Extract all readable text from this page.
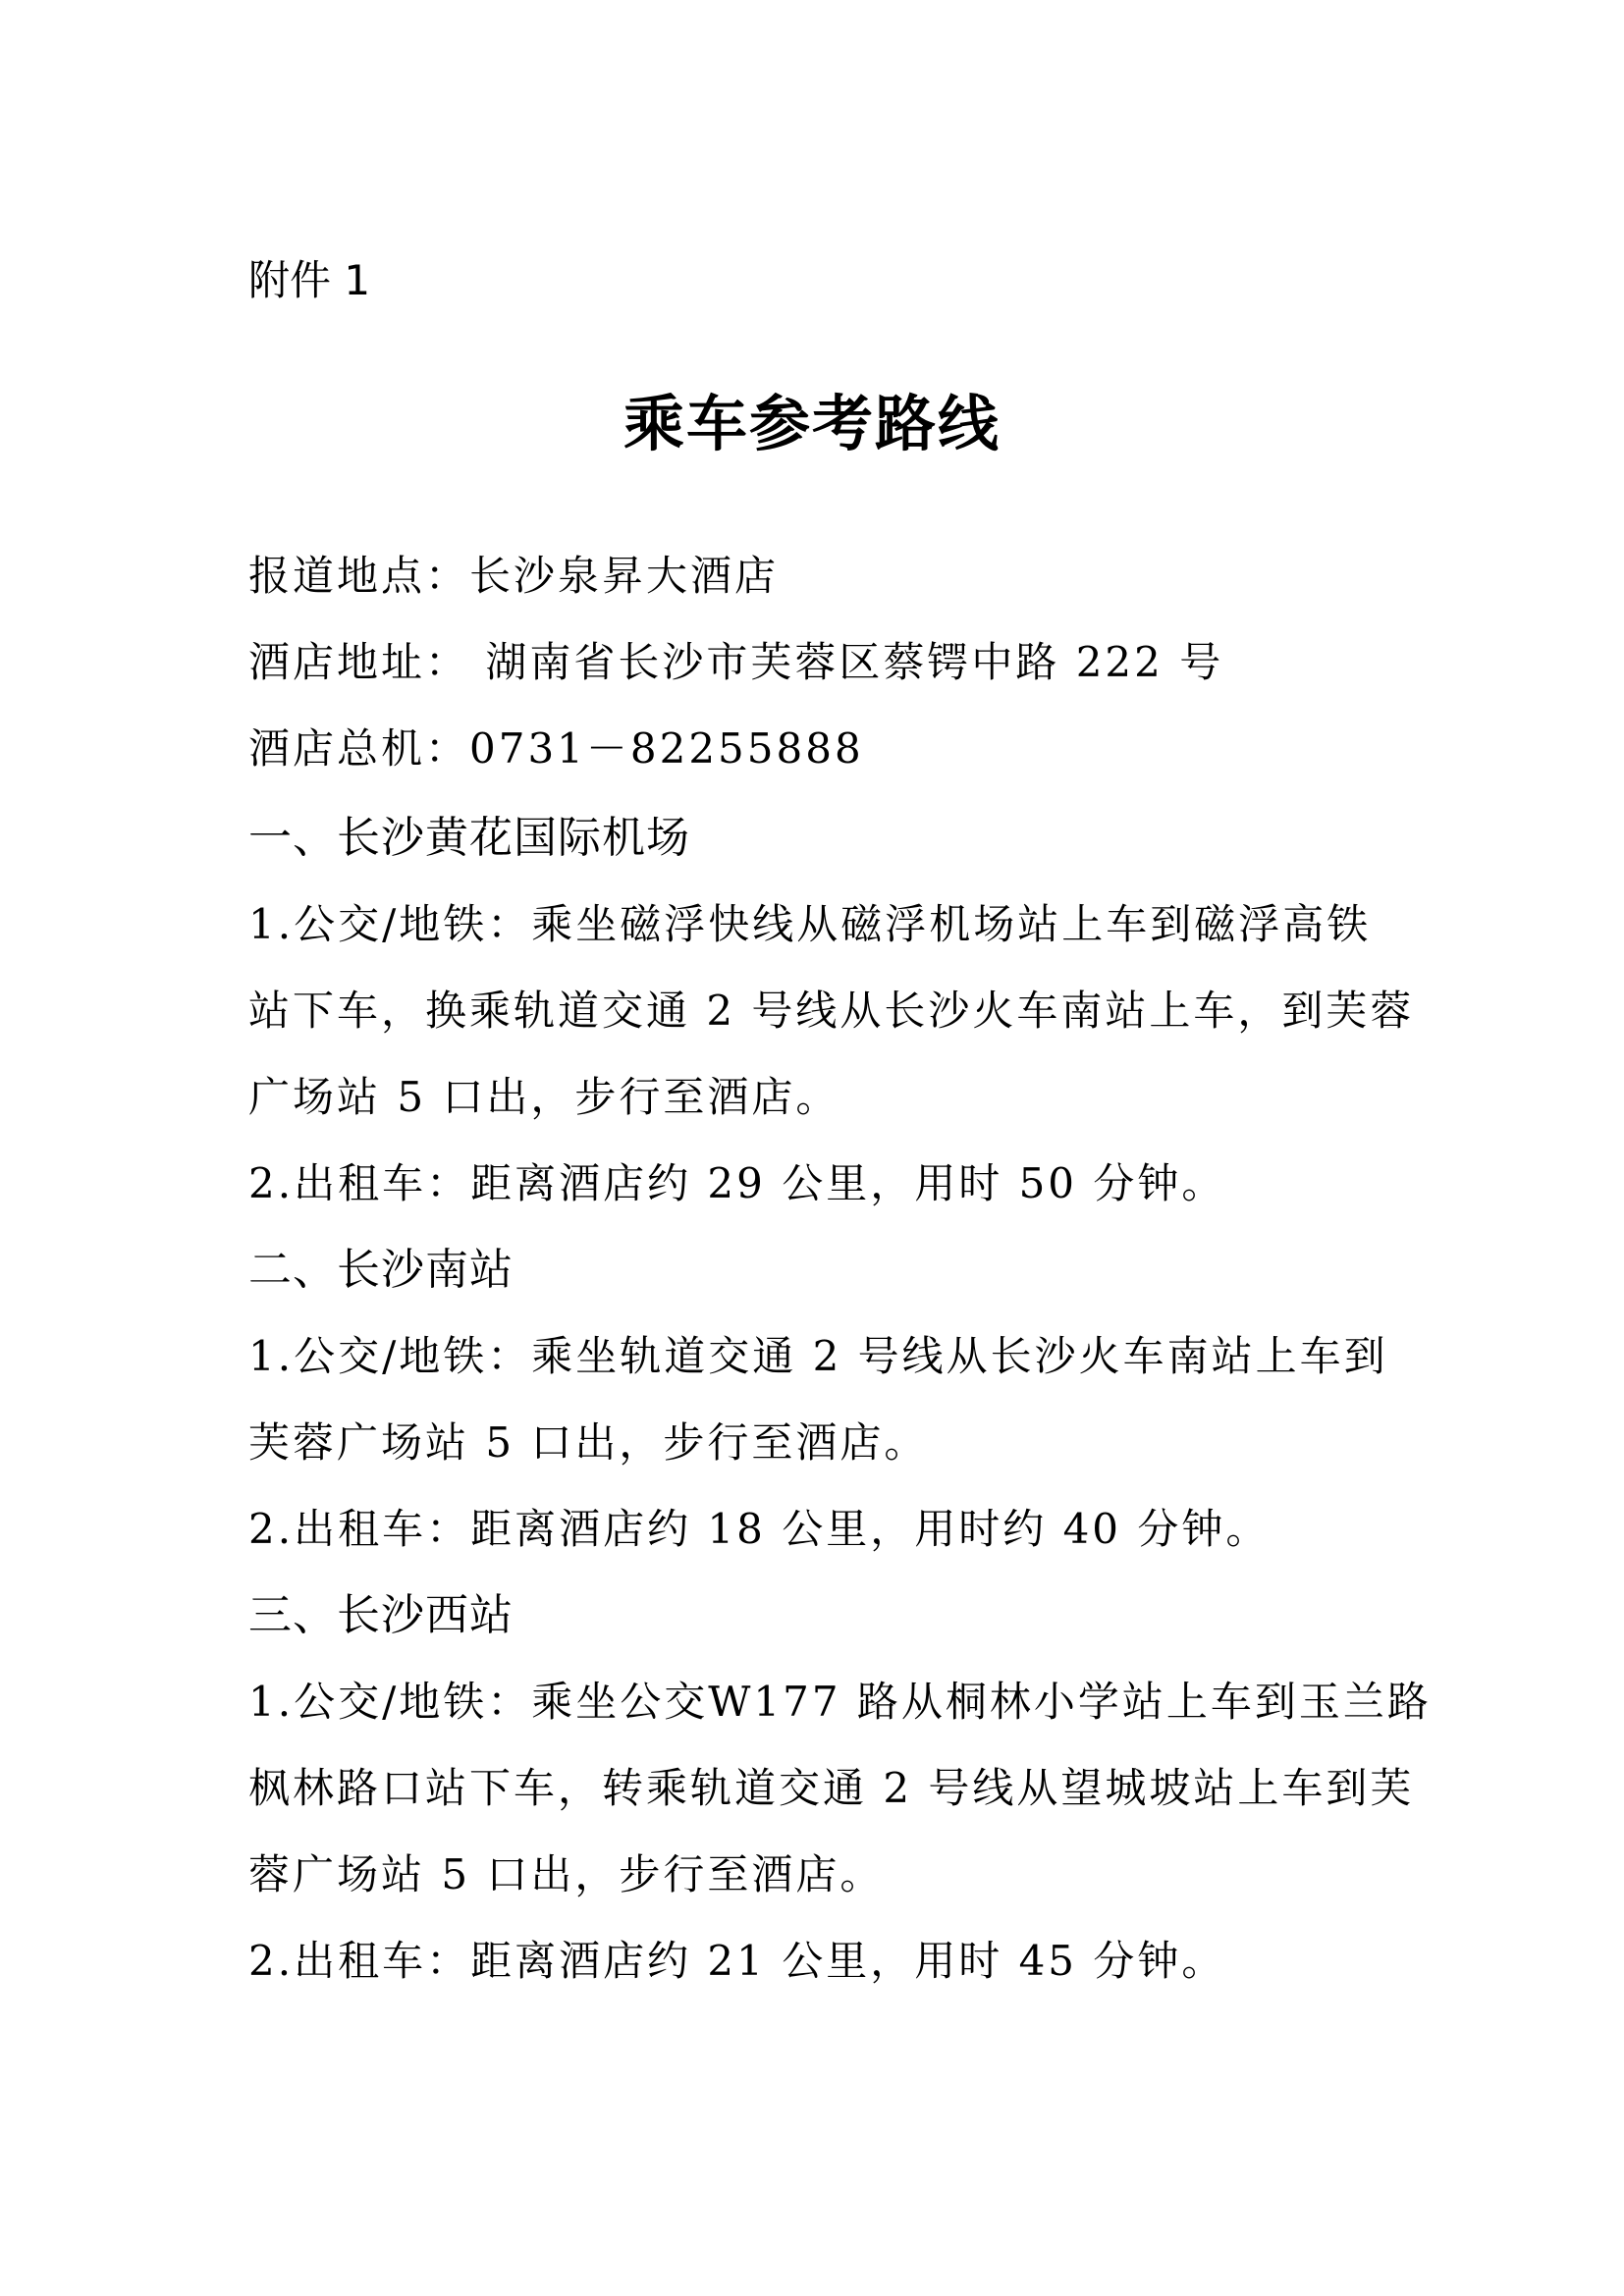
附件 1
乘车参考路线
报道地点：长沙泉昇大酒店
酒店地址： 湖南省长沙市芙蓉区蔡锷中路 222 号
酒店总机：0731－82255888
一、长沙黄花国际机场
1.公交/地铁：乘坐磁浮快线从磁浮机场站上车到磁浮高铁
站下车，换乘轨道交通 2 号线从长沙火车南站上车，到芙蓉
广场站 5 口出，步行至酒店。
2.出租车：距离酒店约 29 公里，用时 50 分钟。
二、长沙南站
1.公交/地铁：乘坐轨道交通 2 号线从长沙火车南站上车到
芙蓉广场站 5 口出，步行至酒店。
2.出租车：距离酒店约 18 公里，用时约 40 分钟。
三、长沙西站
1.公交/地铁：乘坐公交W177 路从桐林小学站上车到玉兰路
枫林路口站下车，转乘轨道交通 2 号线从望城坡站上车到芙
蓉广场站 5 口出，步行至酒店。
2.出租车：距离酒店约 21 公里，用时 45 分钟。
